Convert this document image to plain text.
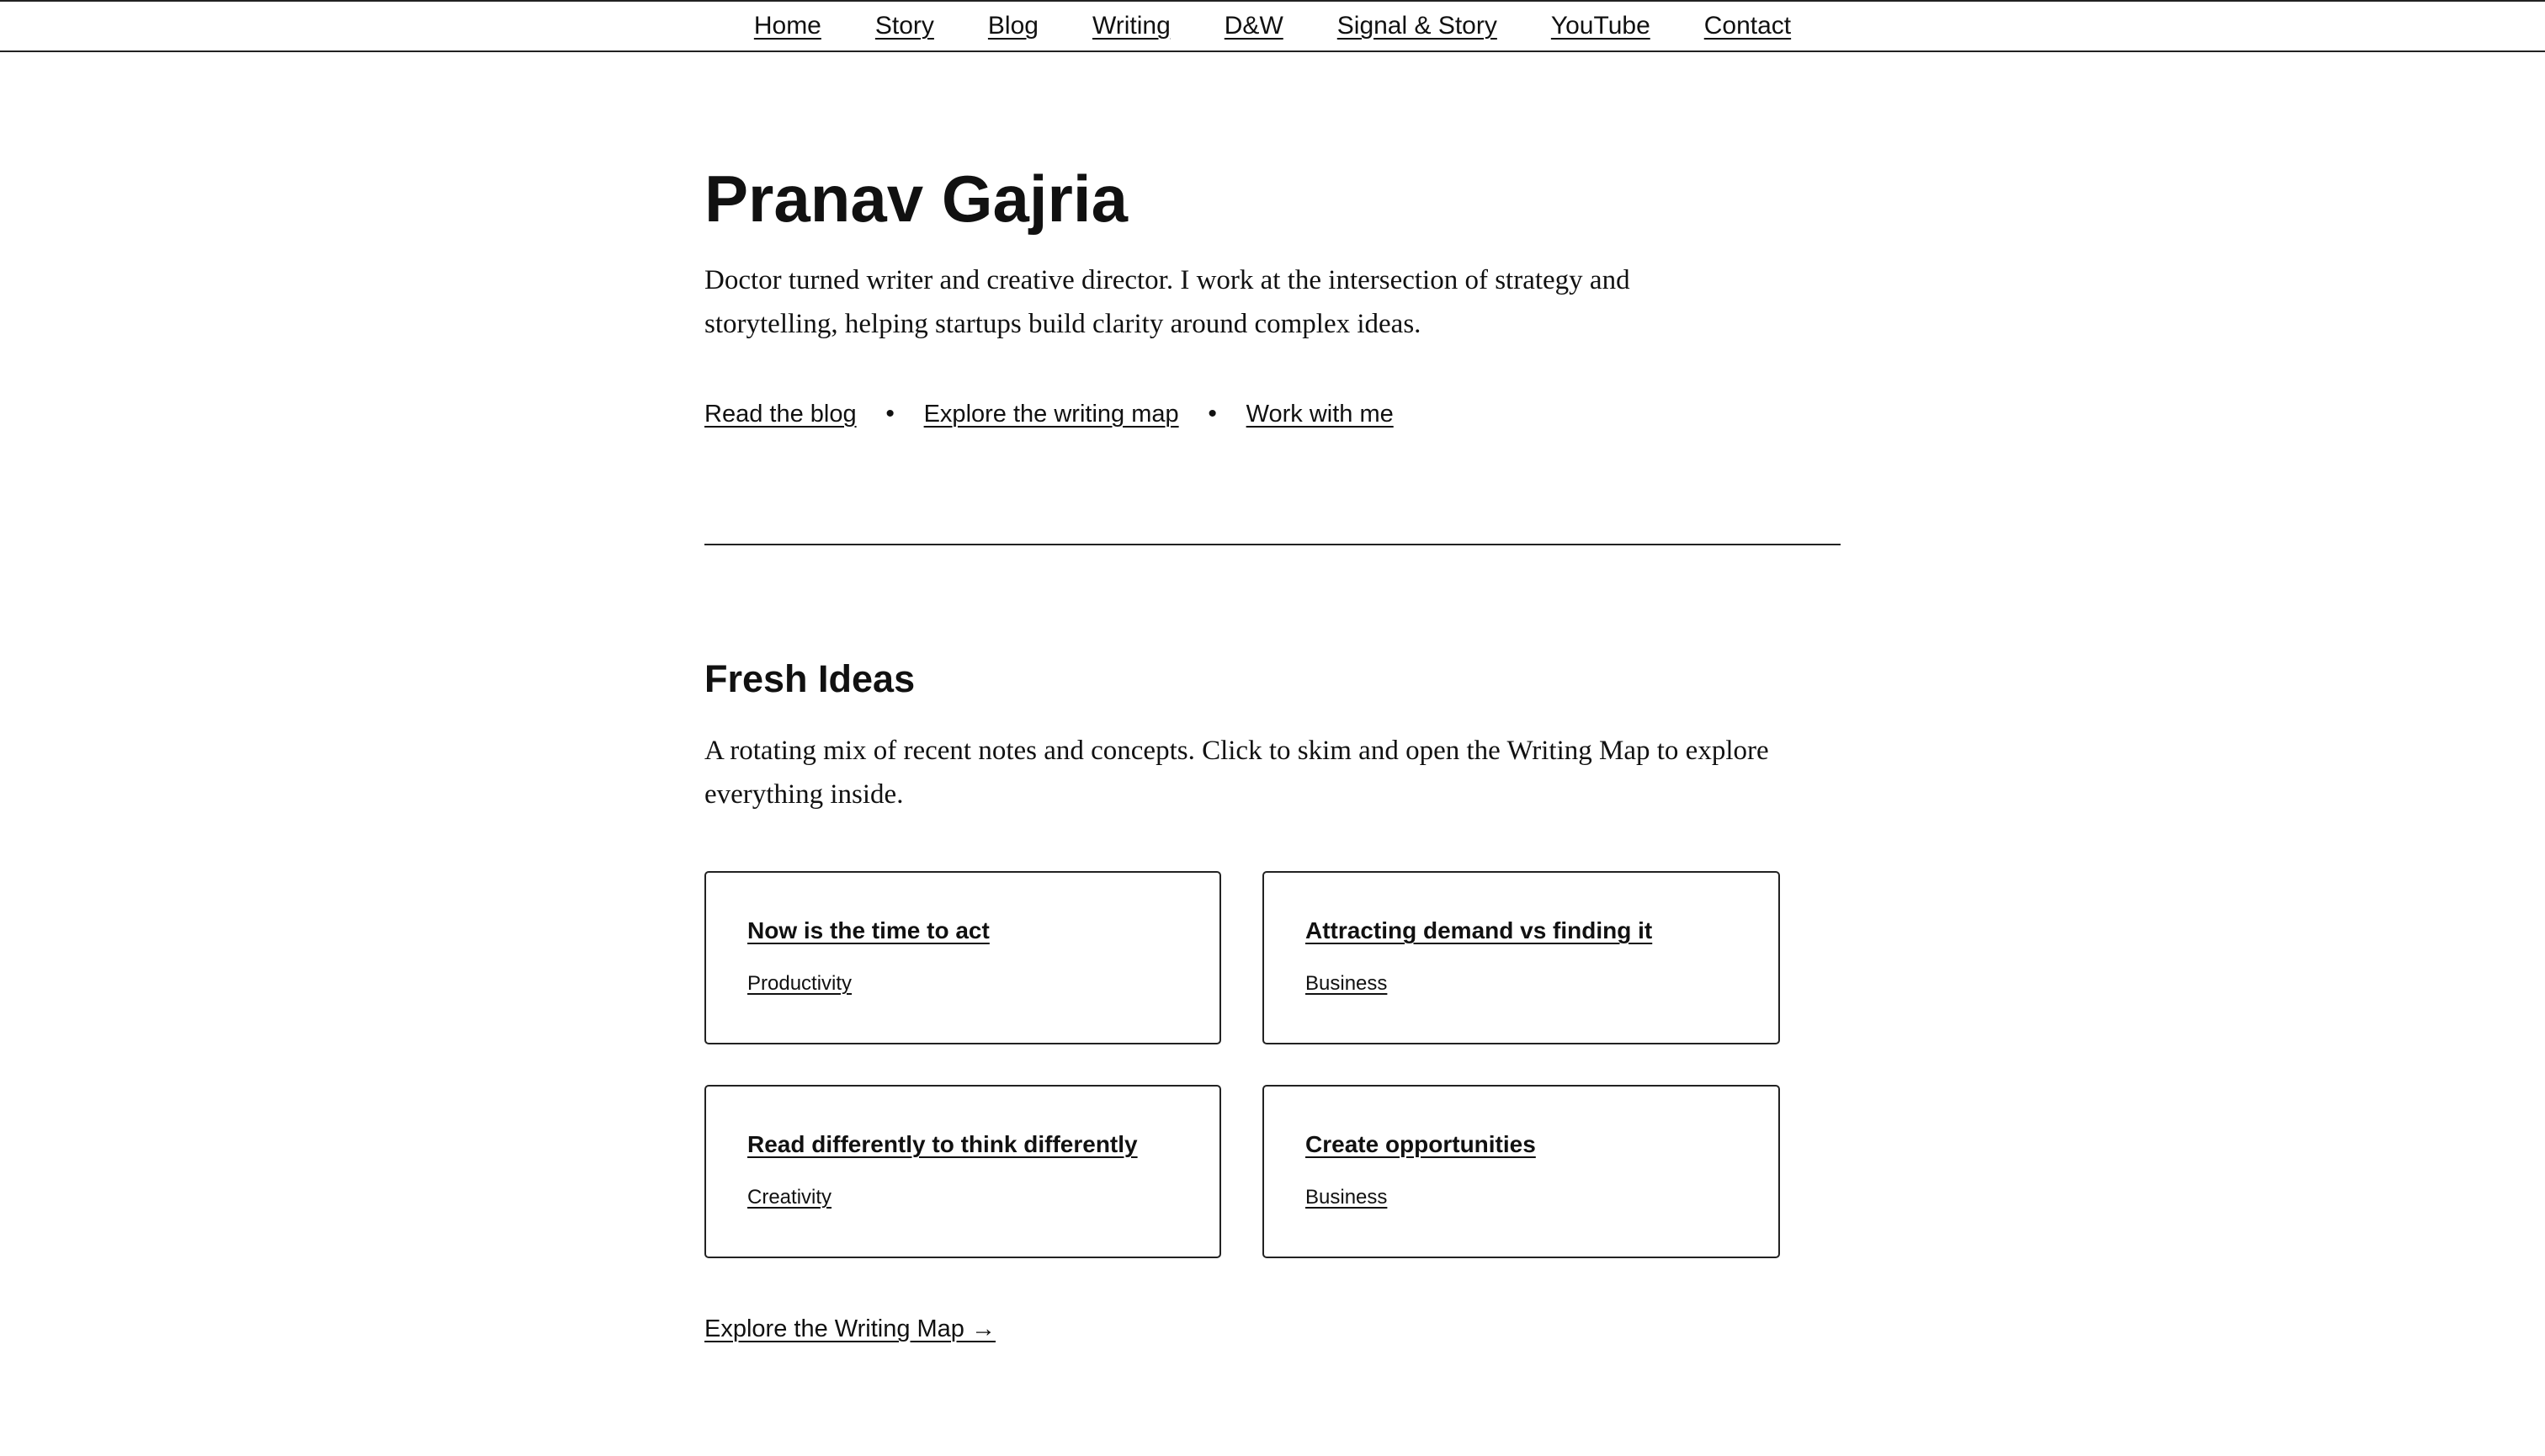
Home Story Blog Writing D&W Signal & Story YouTube Contact
Pranav Gajria

Doctor turned writer and creative director. I work at the intersection of strategy and storytelling, helping startups build clarity around complex ideas.

Read the blog	•	Explore the writing map	•	Work with me
Fresh Ideas

A rotating mix of recent notes and concepts. Click to skim and open the Writing Map to explore everything inside.

Now is the time to act
Productivity
Attracting demand vs finding it
Business
Read differently to think differently
Creativity
Create opportunities
Business
Explore the Writing Map →
